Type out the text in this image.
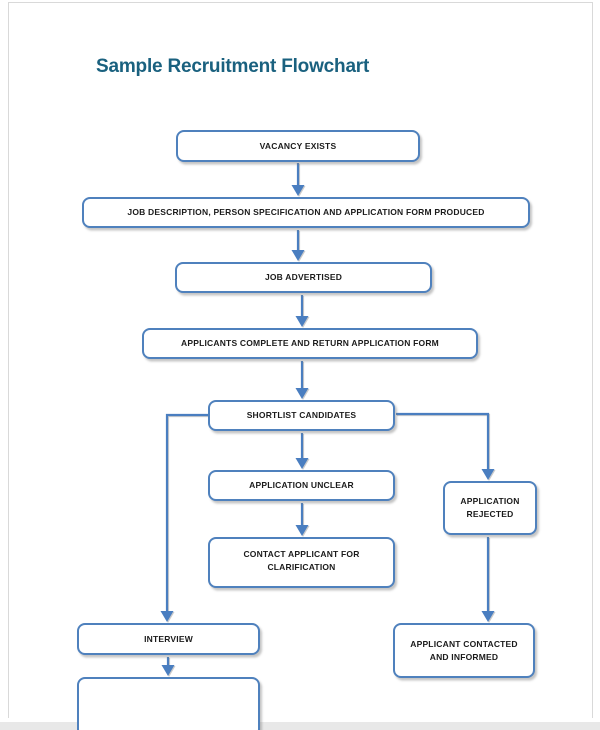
Sample Recruitment Flowchart
VACANCY EXISTS
JOB DESCRIPTION, PERSON SPECIFICATION AND APPLICATION FORM PRODUCED
JOB ADVERTISED
APPLICANTS COMPLETE AND RETURN APPLICATION FORM
SHORTLIST CANDIDATES
APPLICATION UNCLEAR
APPLICATION REJECTED
CONTACT APPLICANT FOR CLARIFICATION
INTERVIEW
APPLICANT CONTACTED AND INFORMED
